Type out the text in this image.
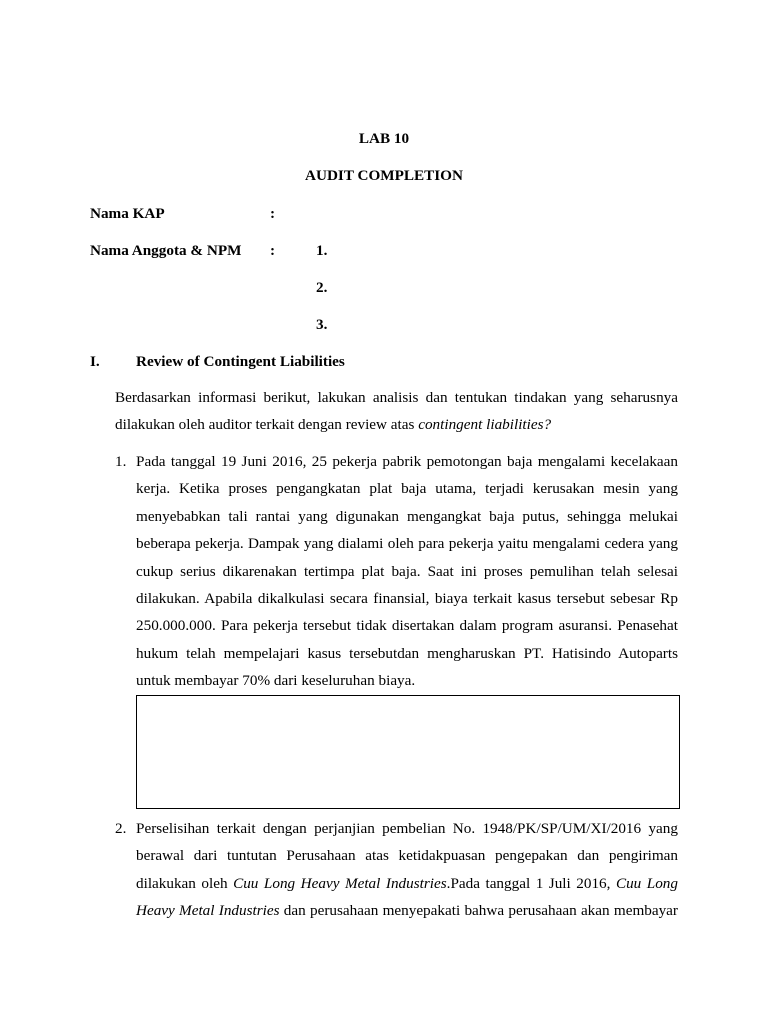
LAB 10
AUDIT COMPLETION
Nama KAP	:
Nama Anggota & NPM :	1.
2.
3.
I. Review of Contingent Liabilities
Berdasarkan informasi berikut, lakukan analisis dan tentukan tindakan yang seharusnya
dilakukan oleh auditor terkait dengan review atas contingent liabilities?
1. Pada tanggal 19 Juni 2016, 25 pekerja pabrik pemotongan baja mengalami kecelakaan
kerja. Ketika proses pengangkatan plat baja utama, terjadi kerusakan mesin yang
menyebabkan tali rantai yang digunakan mengangkat baja putus, sehingga melukai
beberapa pekerja. Dampak yang dialami oleh para pekerja yaitu mengalami cedera yang
cukup serius dikarenakan tertimpa plat baja. Saat ini proses pemulihan telah selesai
dilakukan. Apabila dikalkulasi secara finansial, biaya terkait kasus tersebut sebesar Rp
250.000.000. Para pekerja tersebut tidak disertakan dalam program asuransi. Penasehat
hukum telah mempelajari kasus tersebutdan mengharuskan PT. Hatisindo Autoparts
untuk membayar 70% dari keseluruhan biaya.
2. Perselisihan terkait dengan perjanjian pembelian No. 1948/PK/SP/UM/XI/2016 yang
berawal dari tuntutan Perusahaan atas ketidakpuasan pengepakan dan pengiriman
dilakukan oleh Cuu Long Heavy Metal Industries.Pada tanggal 1 Juli 2016, Cuu Long
Heavy Metal Industries dan perusahaan menyepakati bahwa perusahaan akan membayar
